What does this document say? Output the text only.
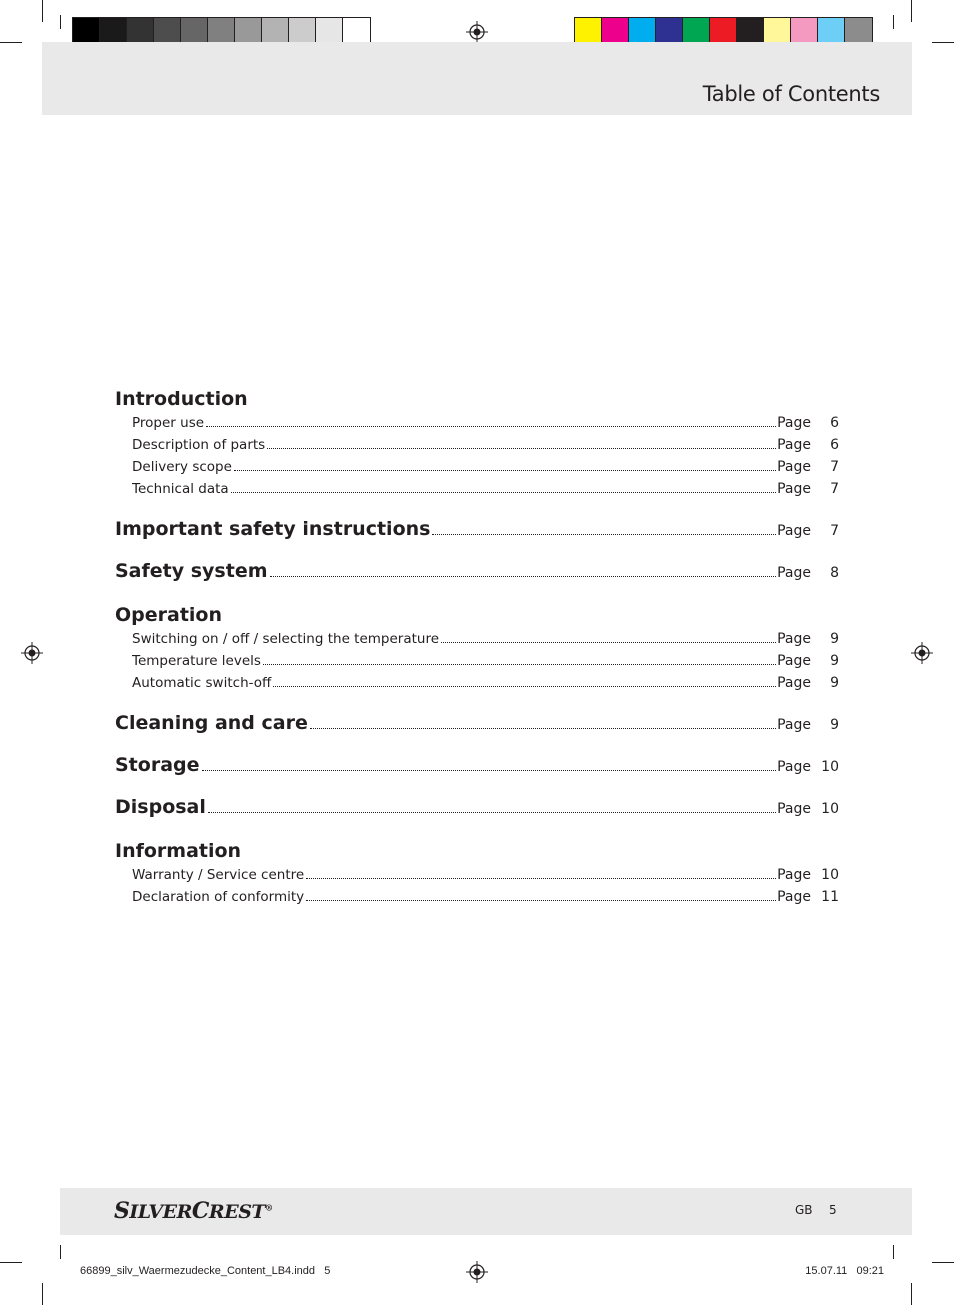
Table of Contents
Introduction
Proper use	Page	6
Description of parts	Page	6
Delivery scope	Page	7
Technical data	Page	7
Important safety instructions	Page	7
Safety system	Page	8
Operation
Switching on / off / selecting the temperature	Page	9
Temperature levels	Page	9
Automatic switch-off	Page	9
Cleaning and care	Page	9
Storage	Page 10
Disposal	Page 10
Information
Warranty / Service centre	Page 10
Declaration of conformity	Page 11
SILVERCREST®	GB 5
66899_silv_Waermezudecke_Content_LB4.indd   5	15.07.11   09:21
